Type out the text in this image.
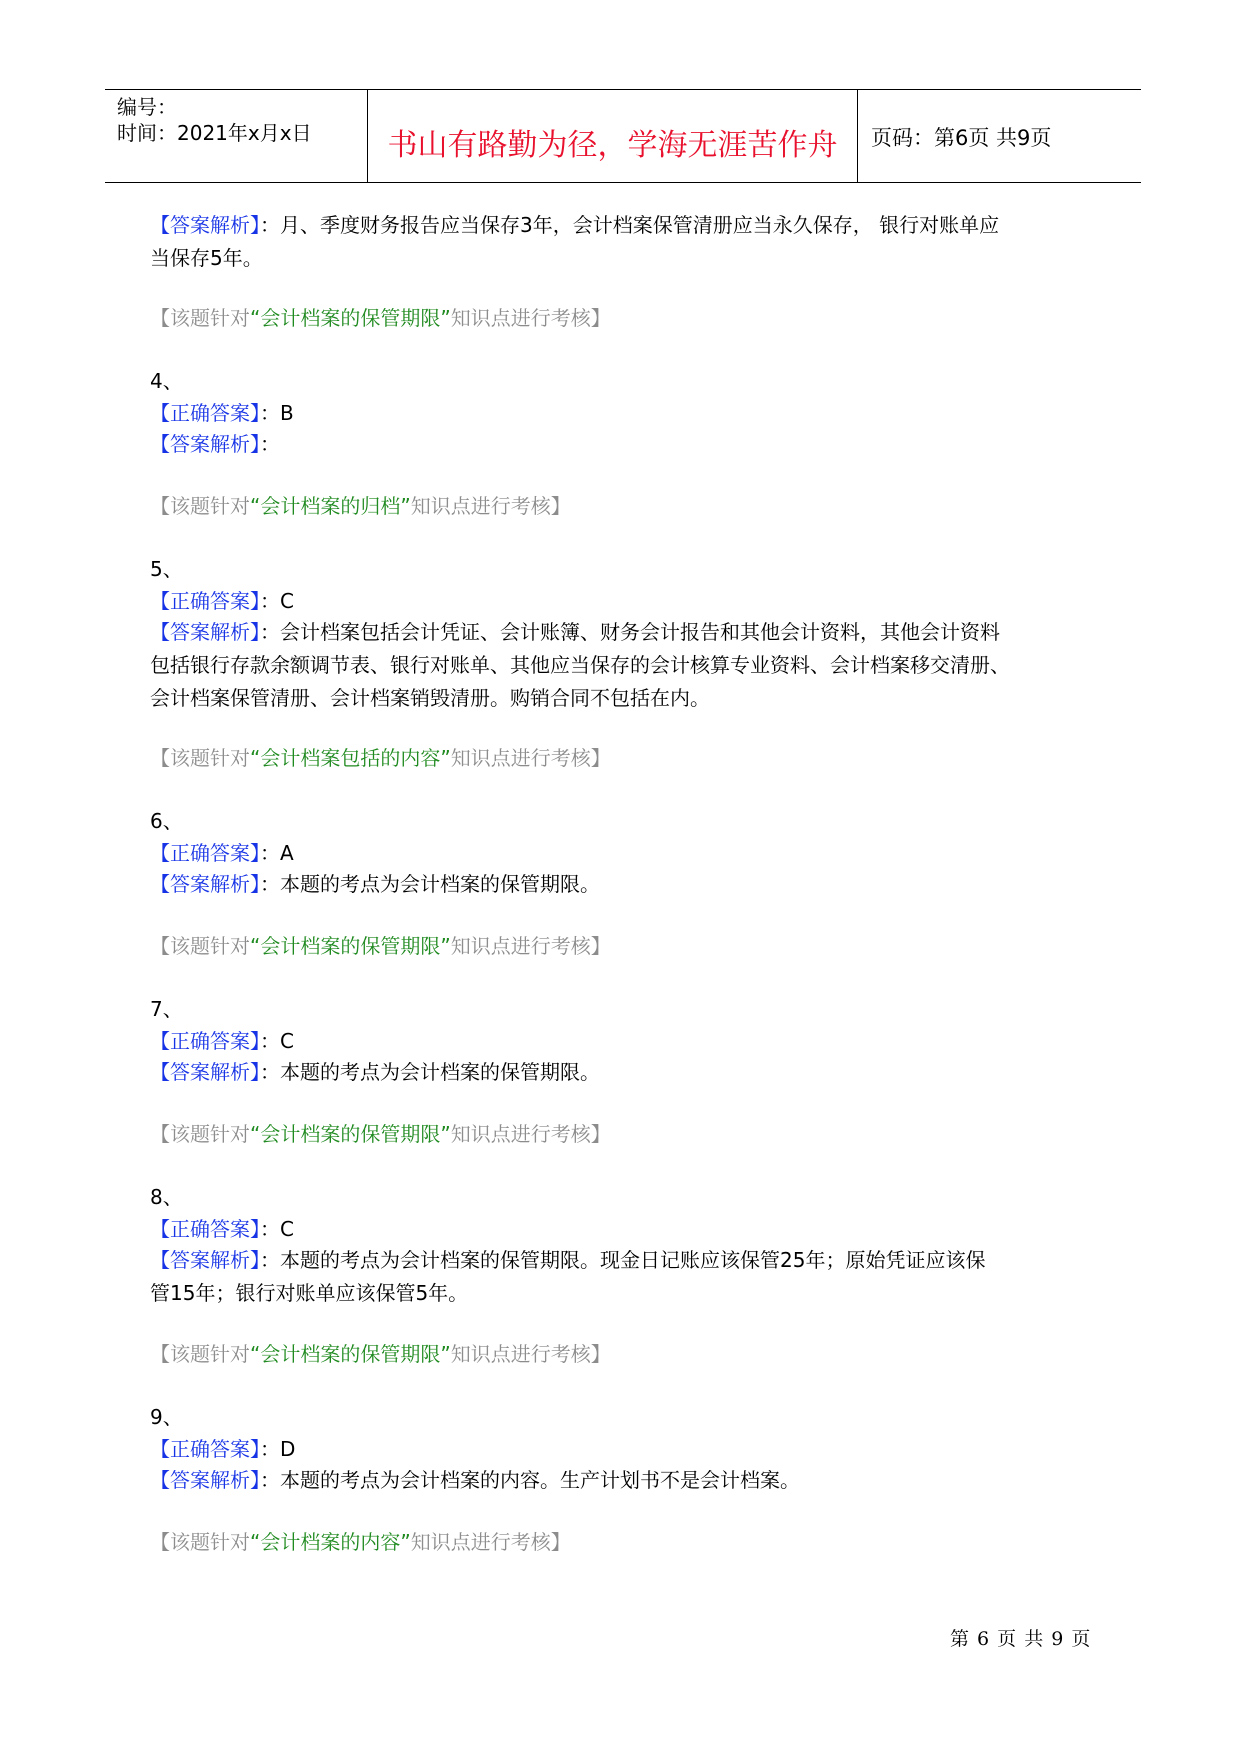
编号：
时间：2021年x月x日	书山有路勤为径，学海无涯苦作舟	页码：第6页 共9页
【答案解析】：月、季度财务报告应当保存3年，会计档案保管清册应当永久保存， 银行对账单应
当保存5年。
【该题针对“会计档案的保管期限”知识点进行考核】
4、
【正确答案】：B
【答案解析】：
【该题针对“会计档案的归档”知识点进行考核】
5、
【正确答案】：C
【答案解析】：会计档案包括会计凭证、会计账簿、财务会计报告和其他会计资料，其他会计资料
包括银行存款余额调节表、银行对账单、其他应当保存的会计核算专业资料、会计档案移交清册、
会计档案保管清册、会计档案销毁清册。购销合同不包括在内。
【该题针对“会计档案包括的内容”知识点进行考核】
6、
【正确答案】：A
【答案解析】：本题的考点为会计档案的保管期限。
【该题针对“会计档案的保管期限”知识点进行考核】
7、
【正确答案】：C
【答案解析】：本题的考点为会计档案的保管期限。
【该题针对“会计档案的保管期限”知识点进行考核】
8、
【正确答案】：C
【答案解析】：本题的考点为会计档案的保管期限。现金日记账应该保管25年；原始凭证应该保
管15年；银行对账单应该保管5年。
【该题针对“会计档案的保管期限”知识点进行考核】
9、
【正确答案】：D
【答案解析】：本题的考点为会计档案的内容。生产计划书不是会计档案。
【该题针对“会计档案的内容”知识点进行考核】
第 6 页 共 9 页
